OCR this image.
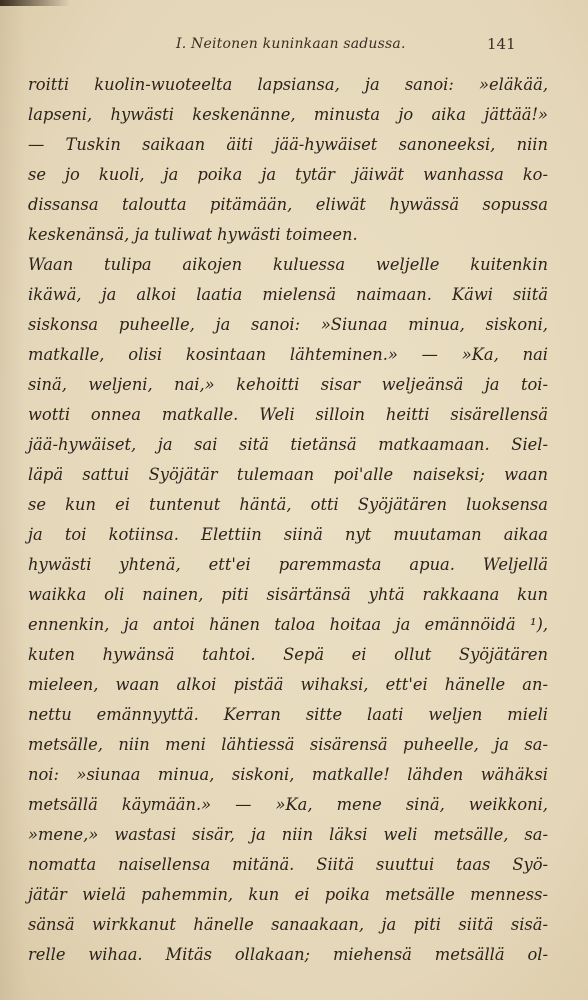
I. Neitonen kuninkaan sadussa.	141
roitti kuolin-wuoteelta lapsiansa, ja sanoi: »eläkää,
lapseni, hywästi keskenänne, minusta jo aika jättää!»
— Tuskin saikaan äiti jää-hywäiset sanoneeksi, niin
se jo kuoli, ja poika ja tytär jäiwät wanhassa ko-
dissansa taloutta pitämään, eliwät hywässä sopussa
keskenänsä, ja tuliwat hywästi toimeen.
Waan tulipa aikojen kuluessa weljelle kuitenkin
ikäwä, ja alkoi laatia mielensä naimaan. Käwi siitä
siskonsa puheelle, ja sanoi: »Siunaa minua, siskoni,
matkalle, olisi kosintaan lähteminen.» — »Ka, nai
sinä, weljeni, nai,» kehoitti sisar weljeänsä ja toi-
wotti onnea matkalle. Weli silloin heitti sisärellensä
jää-hywäiset, ja sai sitä tietänsä matkaamaan. Siel-
läpä sattui Syöjätär tulemaan poi'alle naiseksi; waan
se kun ei tuntenut häntä, otti Syöjätären luoksensa
ja toi kotiinsa. Elettiin siinä nyt muutaman aikaa
hywästi yhtenä, ett'ei paremmasta apua. Weljellä
waikka oli nainen, piti sisärtänsä yhtä rakkaana kun
ennenkin, ja antoi hänen taloa hoitaa ja emännöidä ¹),
kuten hywänsä tahtoi. Sepä ei ollut Syöjätären
mieleen, waan alkoi pistää wihaksi, ett'ei hänelle an-
nettu emännyyttä. Kerran sitte laati weljen mieli
metsälle, niin meni lähtiessä sisärensä puheelle, ja sa-
noi: »siunaa minua, siskoni, matkalle! lähden wähäksi
metsällä käymään.» — »Ka, mene sinä, weikkoni,
»mene,» wastasi sisär, ja niin läksi weli metsälle, sa-
nomatta naisellensa mitänä. Siitä suuttui taas Syö-
jätär wielä pahemmin, kun ei poika metsälle menness-
sänsä wirkkanut hänelle sanaakaan, ja piti siitä sisä-
relle wihaa. Mitäs ollakaan; miehensä metsällä ol-
